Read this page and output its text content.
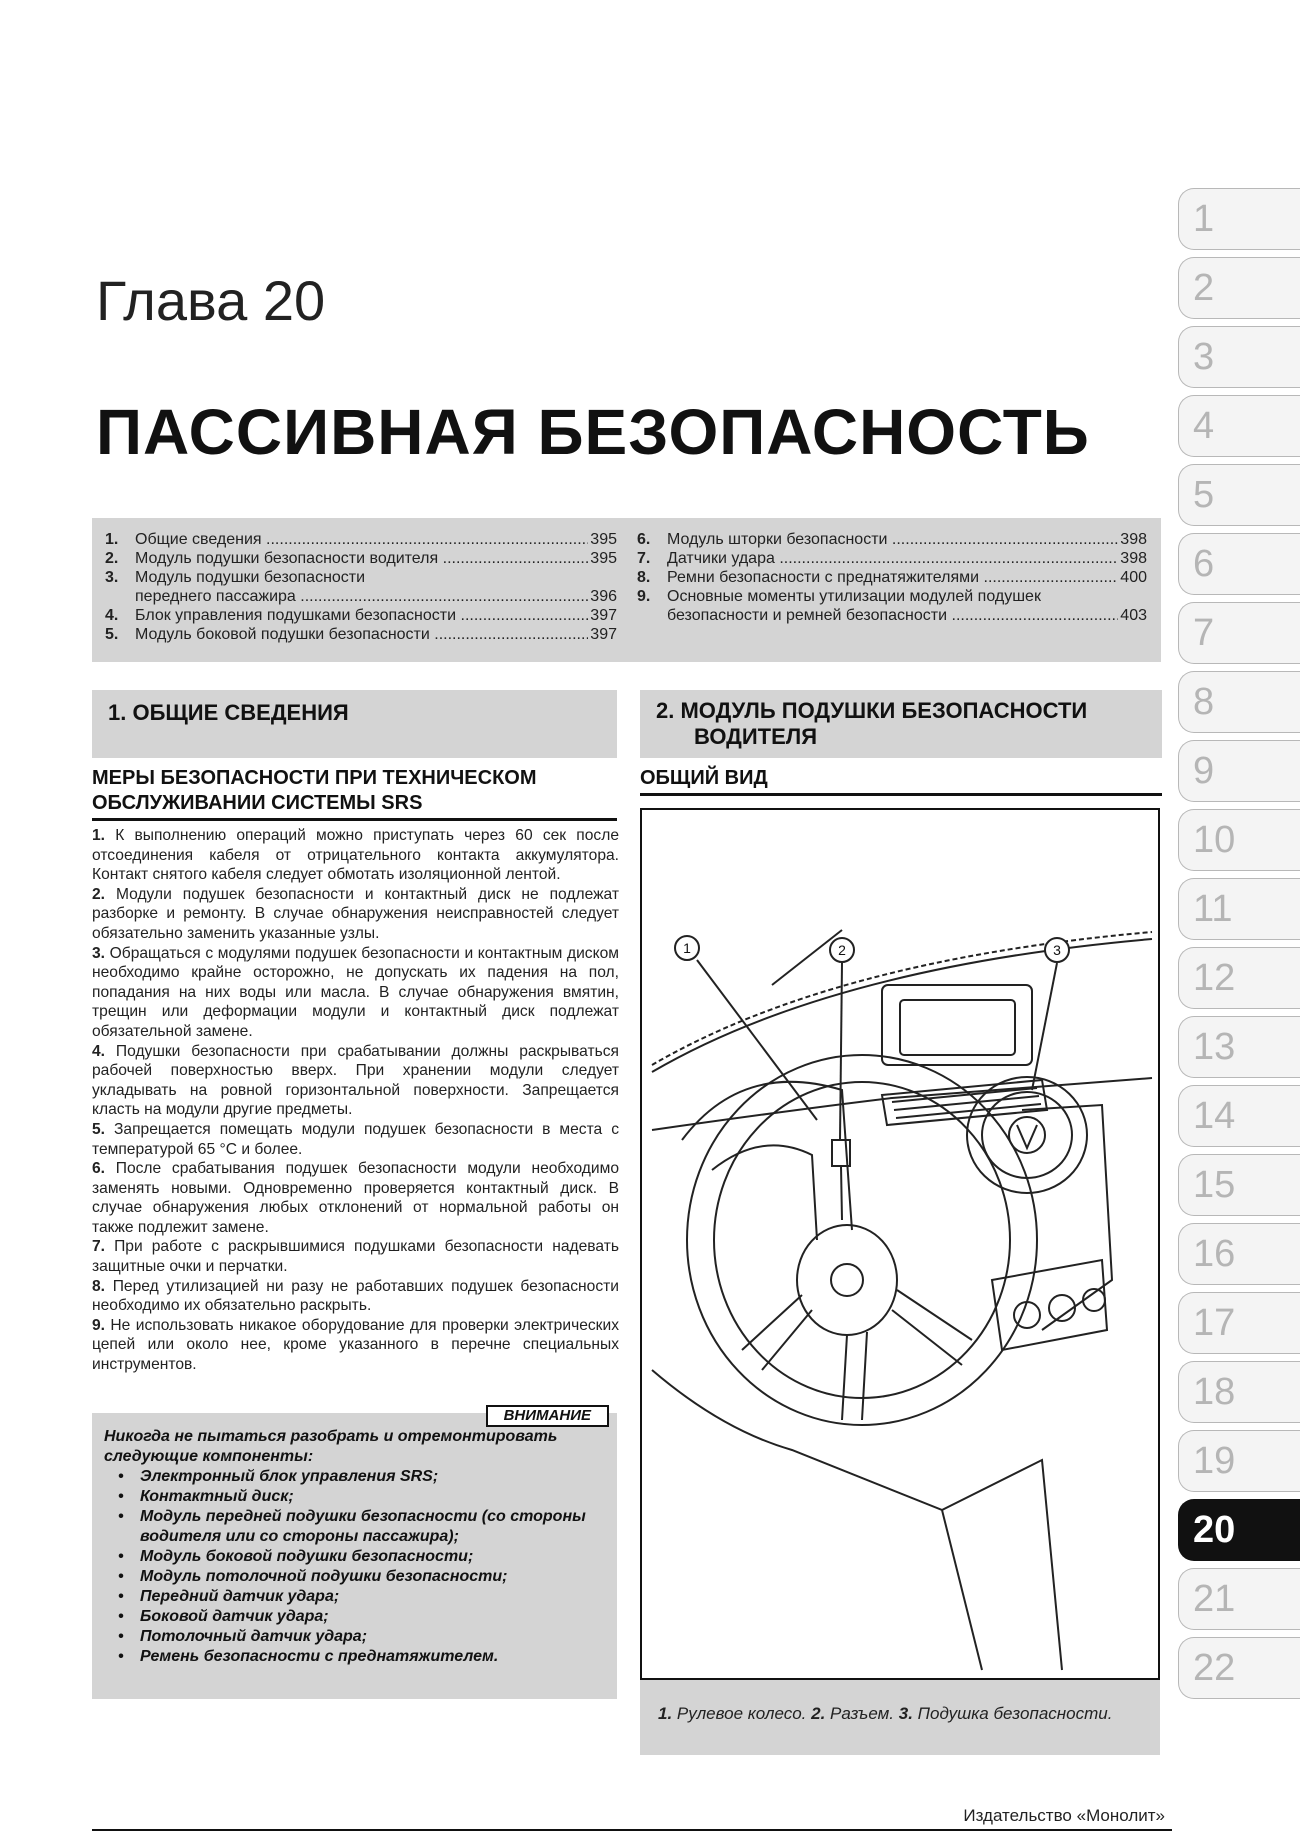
Глава 20
ПАССИВНАЯ БЕЗОПАСНОСТЬ
1.	Общие сведения .....	395
2.	Модуль подушки безопасности водителя .....	395
3.	Модуль подушки безопасности
переднего пассажира .....	396
4.	Блок управления подушками безопасности .....	397
5.	Модуль боковой подушки безопасности .....	397
6.	Модуль шторки безопасности .....	398
7.	Датчики удара .....	398
8.	Ремни безопасности с преднатяжителями .....	400
9.	Основные моменты утилизации модулей подушек
безопасности и ремней безопасности .....	403
1. ОБЩИЕ СВЕДЕНИЯ
МЕРЫ БЕЗОПАСНОСТИ ПРИ ТЕХНИЧЕСКОМ ОБСЛУЖИВАНИИ СИСТЕМЫ SRS

1. К выполнению операций можно приступать через 60 сек после отсоединения кабеля от отрицательного контакта аккумулятора. Контакт снятого кабеля следует обмотать изоляционной лентой.

2. Модули подушек безопасности и контактный диск не подлежат разборке и ремонту. В случае обнаружения неисправностей следует обязательно заменить указанные узлы.

3. Обращаться с модулями подушек безопасности и контактным диском необходимо крайне осторожно, не допускать их падения на пол, попадания на них воды или масла. В случае обнаружения вмятин, трещин или деформации модули и контактный диск подлежат обязательной замене.

4. Подушки безопасности при срабатывании должны раскрываться рабочей поверхностью вверх. При хранении модули следует укладывать на ровной горизонтальной поверхности. Запрещается класть на модули другие предметы.

5. Запрещается помещать модули подушек безопасности в места с температурой 65 °С и более.

6. После срабатывания подушек безопасности модули необходимо заменять новыми. Одновременно проверяется контактный диск. В случае обнаружения любых отклонений от нормальной работы он также подлежит замене.

7. При работе с раскрывшимися подушками безопасности надевать защитные очки и перчатки.

8. Перед утилизацией ни разу не работавших подушек безопасности необходимо их обязательно раскрыть.

9. Не использовать никакое оборудование для проверки электрических цепей или около нее, кроме указанного в перечне специальных инструментов.

ВНИМАНИЕ
Никогда не пытаться разобрать и отремонтировать следующие компоненты:
• Электронный блок управления SRS;
• Контактный диск;
• Модуль передней подушки безопасности (со стороны водителя или со стороны пассажира);
• Модуль боковой подушки безопасности;
• Модуль потолочной подушки безопасности;
• Передний датчик удара;
• Боковой датчик удара;
• Потолочный датчик удара;
• Ремень безопасности с преднатяжителем.
2. МОДУЛЬ ПОДУШКИ БЕЗОПАСНОСТИ
ВОДИТЕЛЯ
ОБЩИЙ ВИД
1	2	3
1. Рулевое колесо. 2. Разъем. 3. Подушка безопасности.
1
2
3
4
5
6
7
8
9
10
11
12
13
14
15
16
17
18
19
20
21
22
Издательство «Монолит»
